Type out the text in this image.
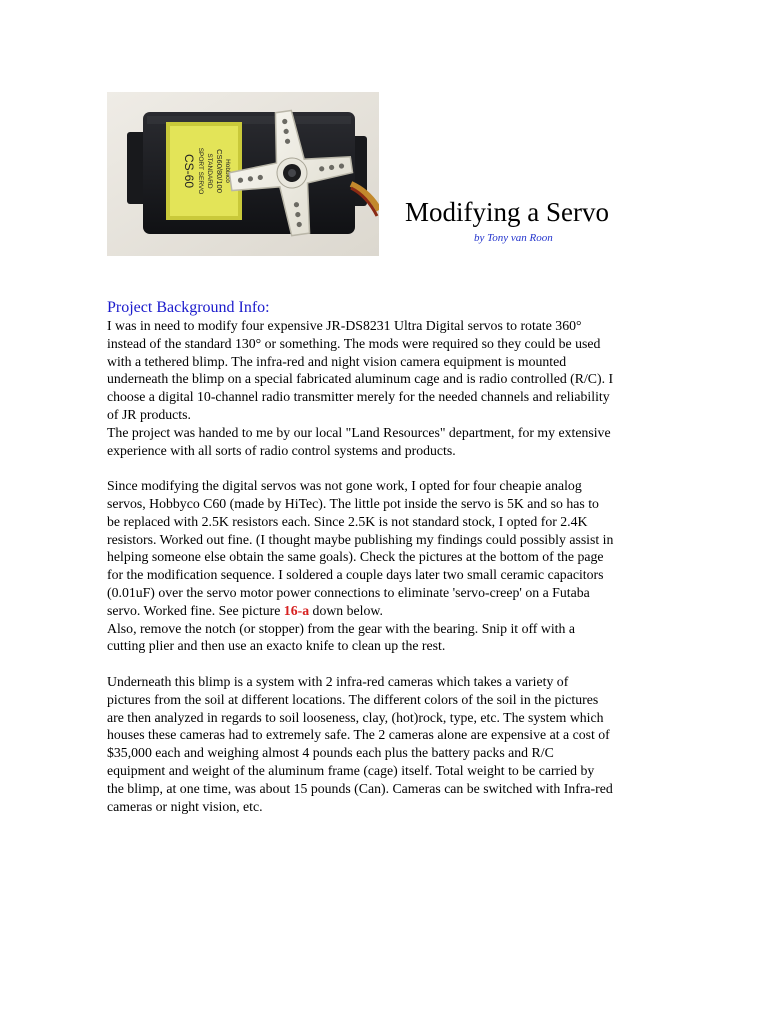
Hobbico
CS60/80/100
STANDARD
SPORT SERVO
CS-60
Modifying a Servo
by Tony van Roon
Project Background Info:
I was in need to modify four expensive JR-DS8231 Ultra Digital servos to rotate 360°
instead of the standard 130° or something. The mods were required so they could be used
with a tethered blimp. The infra-red and night vision camera equipment is mounted
underneath the blimp on a special fabricated aluminum cage and is radio controlled (R/C). I
choose a digital 10-channel radio transmitter merely for the needed channels and reliability
of JR products.
The project was handed to me by our local "Land Resources" department, for my extensive
experience with all sorts of radio control systems and products.
Since modifying the digital servos was not gone work, I opted for four cheapie analog
servos, Hobbyco C60 (made by HiTec). The little pot inside the servo is 5K and so has to
be replaced with 2.5K resistors each. Since 2.5K is not standard stock, I opted for 2.4K
resistors. Worked out fine. (I thought maybe publishing my findings could possibly assist in
helping someone else obtain the same goals). Check the pictures at the bottom of the page
for the modification sequence. I soldered a couple days later two small ceramic capacitors
(0.01uF) over the servo motor power connections to eliminate 'servo-creep' on a Futaba
servo. Worked fine. See picture 16-a down below.
Also, remove the notch (or stopper) from the gear with the bearing. Snip it off with a
cutting plier and then use an exacto knife to clean up the rest.
Underneath this blimp is a system with 2 infra-red cameras which takes a variety of
pictures from the soil at different locations. The different colors of the soil in the pictures
are then analyzed in regards to soil looseness, clay, (hot)rock, type, etc. The system which
houses these cameras had to extremely safe. The 2 cameras alone are expensive at a cost of
$35,000 each and weighing almost 4 pounds each plus the battery packs and R/C
equipment and weight of the aluminum frame (cage) itself. Total weight to be carried by
the blimp, at one time, was about 15 pounds (Can). Cameras can be switched with Infra-red
cameras or night vision, etc.
